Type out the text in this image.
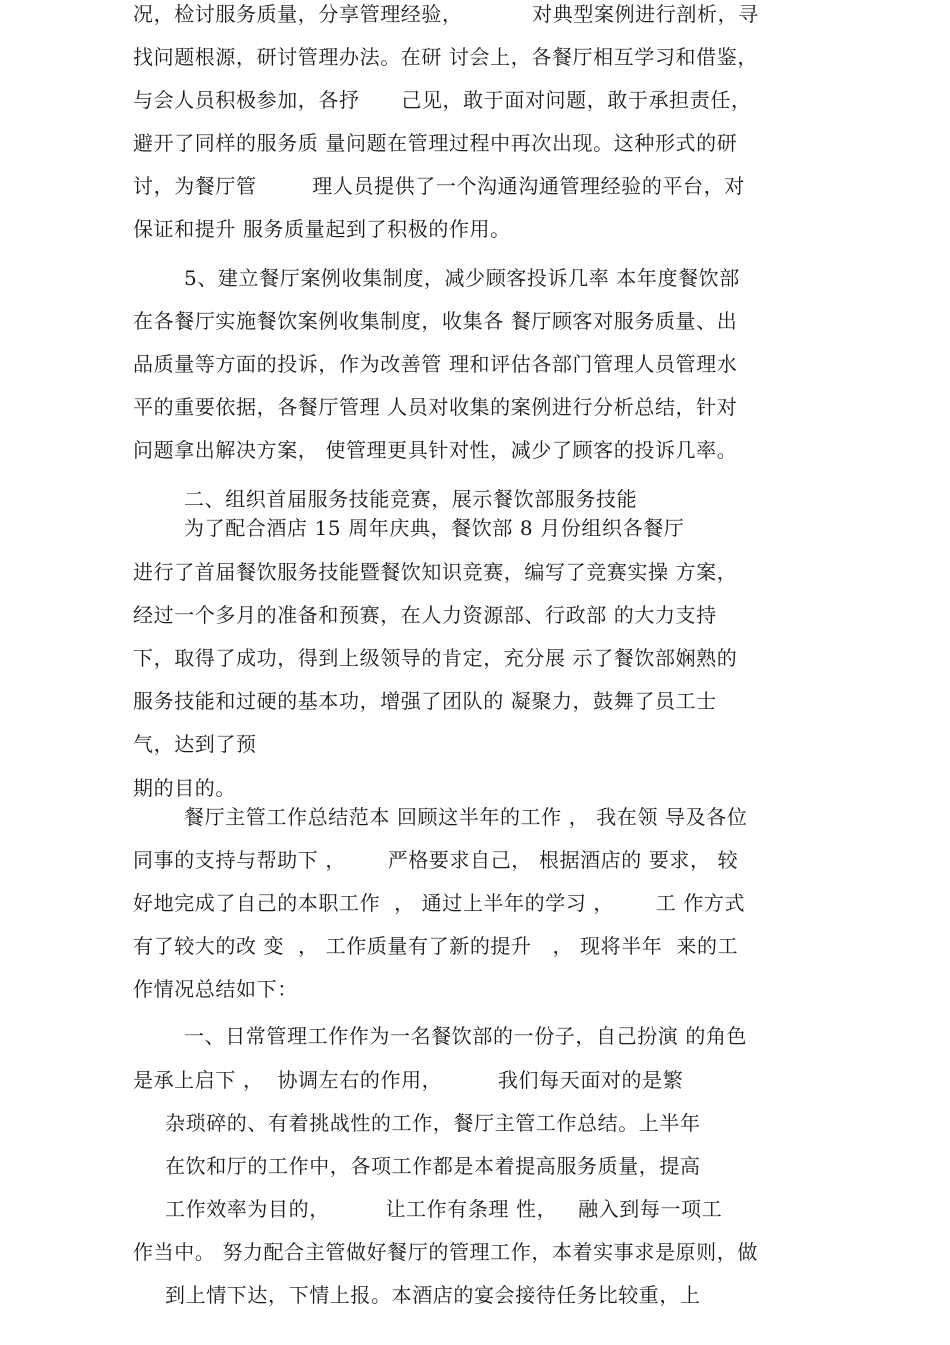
况，检讨服务质量，分享管理经验，          对典型案例进行剖析，寻
找问题根源，研讨管理办法。在研 讨会上，各餐厅相互学习和借鉴，
与会人员积极参加，各抒      己见，敢于面对问题，敢于承担责任，
避开了同样的服务质 量问题在管理过程中再次出现。这种形式的研
讨，为餐厅管        理人员提供了一个沟通沟通管理经验的平台，对
保证和提升 服务质量起到了积极的作用。
5、建立餐厅案例收集制度，减少顾客投诉几率 本年度餐饮部
在各餐厅实施餐饮案例收集制度，收集各 餐厅顾客对服务质量、出
品质量等方面的投诉，作为改善管 理和评估各部门管理人员管理水
平的重要依据，各餐厅管理 人员对收集的案例进行分析总结，针对
问题拿出解决方案， 使管理更具针对性，减少了顾客的投诉几率。
二、组织首届服务技能竞赛，展示餐饮部服务技能
为了配合酒店 15 周年庆典，餐饮部 8 月份组织各餐厅
进行了首届餐饮服务技能暨餐饮知识竞赛，编写了竞赛实操 方案，
经过一个多月的准备和预赛，在人力资源部、行政部 的大力支持
下，取得了成功，得到上级领导的肯定，充分展 示了餐饮部娴熟的
服务技能和过硬的基本功，增强了团队的 凝聚力，鼓舞了员工士
气，达到了预
期的目的。
餐厅主管工作总结范本 回顾这半年的工作 ， 我在领 导及各位
同事的支持与帮助下 ，      严格要求自己， 根据酒店的 要求， 较
好地完成了自己的本职工作  ， 通过上半年的学习 ，      工 作方式
有了较大的改 变  ， 工作质量有了新的提升   ， 现将半年  来的工
作情况总结如下：
一、日常管理工作作为一名餐饮部的一份子，自己扮演 的角色
是承上启下 ，  协调左右的作用，        我们每天面对的是繁
杂琐碎的、有着挑战性的工作，餐厅主管工作总结。上半年
在饮和厅的工作中，各项工作都是本着提高服务质量，提高
工作效率为目的，        让工作有条理 性，   融入到每一项工
作当中。 努力配合主管做好餐厅的管理工作，本着实事求是原则，做
到上情下达，下情上报。本酒店的宴会接待任务比较重，上
